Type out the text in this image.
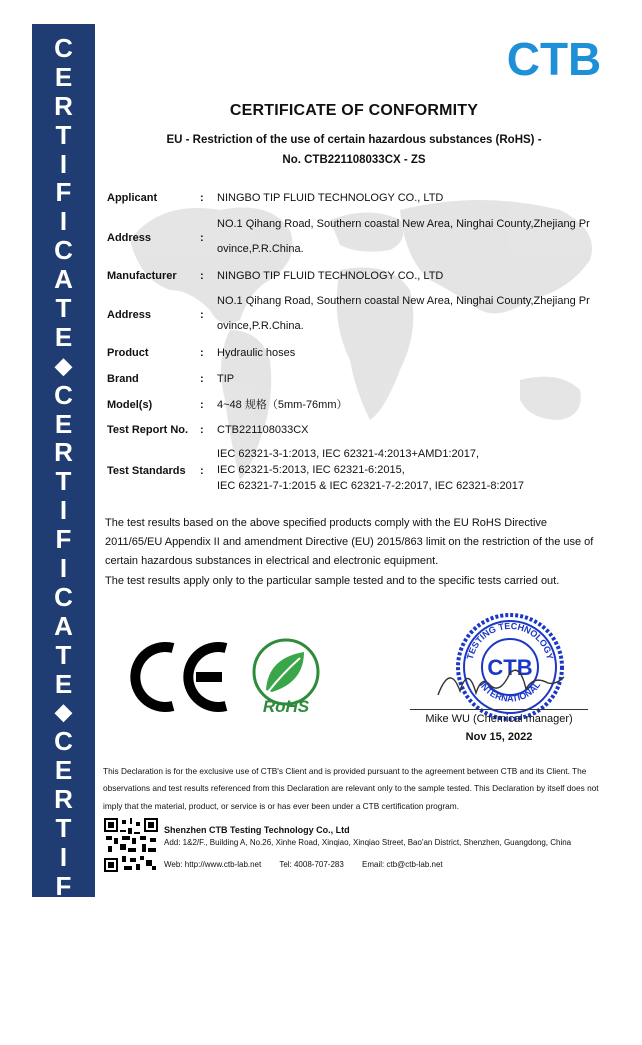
C
E
R
T
I
F
I
C
A
T
E
◆
C
E
R
T
I
F
I
C
A
T
E
◆
C
E
R
T
I
F
I
C
A
T
E
CTB
CERTIFICATE OF CONFORMITY
EU - Restriction of the use of certain hazardous substances (RoHS) -
No. CTB221108033CX - ZS
Applicant	: NINGBO TIP FLUID TECHNOLOGY CO., LTD
Address	:
NO.1 Qihang Road, Southern coastal New Area, Ninghai County,Zhejiang Pr ovince,P.R.China.
Manufacturer : NINGBO TIP FLUID TECHNOLOGY CO., LTD
Address	:
NO.1 Qihang Road, Southern coastal New Area, Ninghai County,Zhejiang Pr ovince,P.R.China.
Product	: Hydraulic hoses
Brand	: TIP
Model(s)	: 4~48 规格（5mm-76mm）
Test Report No. : CTB221108033CX
Test Standards :
IEC 62321-3-1:2013, IEC 62321-4:2013+AMD1:2017,
IEC 62321-5:2013, IEC 62321-6:2015,
IEC 62321-7-1:2015 & IEC 62321-7-2:2017, IEC 62321-8:2017
The test results based on the above specified products comply with the EU RoHS Directive 2011/65/EU Appendix II and amendment Directive (EU) 2015/863 limit on the restriction of the use of certain hazardous substances in electrical and electronic equipment.
The test results apply only to the particular sample tested and to the specific tests carried out.
RoHS
TESTING TECHNOLOGY
INTERNATIONAL
CTB
Mike WU (Chemical manager)
Nov 15, 2022
This Declaration is for the exclusive use of CTB's Client and is provided pursuant to the agreement between CTB and its Client. The observations and test results referenced from this Declaration are relevant only to the sample tested. This Declaration by itself does not imply that the material, product, or service is or has ever been under a CTB certification program.
Shenzhen CTB Testing Technology Co., Ltd
Add: 1&2/F., Building A, No.26, Xinhe Road, Xinqiao, Xinqiao Street, Bao'an District, Shenzhen, Guangdong, China
Web: http://www.ctb-lab.net Tel: 4008-707-283 Email: ctb@ctb-lab.net
